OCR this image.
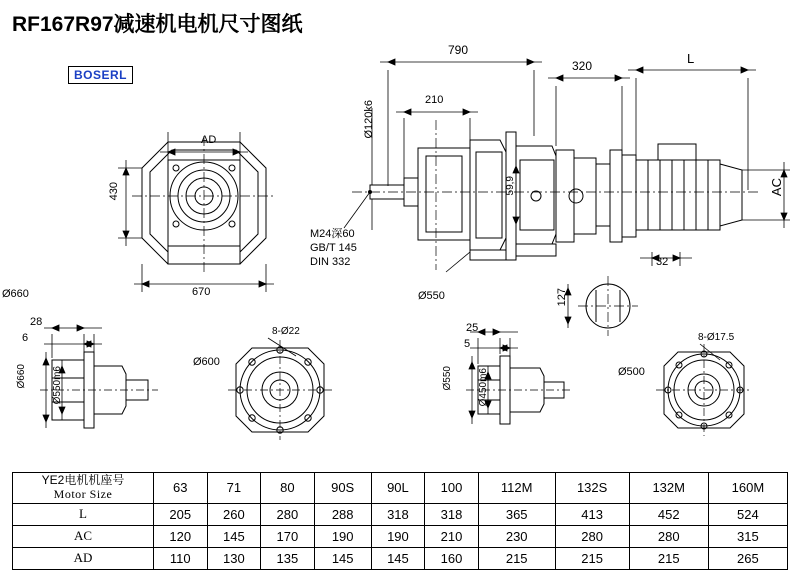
RF167R97减速机电机尺寸图纸
BOSERL
AD
430
670
790
210
Ø120k6
59,9
320	L
AC
M24深60
GB/T 145
DIN 332
Ø550
32
127
Ø660
28
6
Ø660	Ø550m6
8-Ø22
Ø600
25
5
Ø550	Ø450m6
8-Ø17.5
Ø500
YE2电机机座号
Motor Size	63	71	80	90S	90L	100	112M	132S	132M	160M
L	205	260	280	288	318	318	365	413	452	524
AC	120	145	170	190	190	210	230	280	280	315
AD	110	130	135	145	145	160	215	215	215	265
